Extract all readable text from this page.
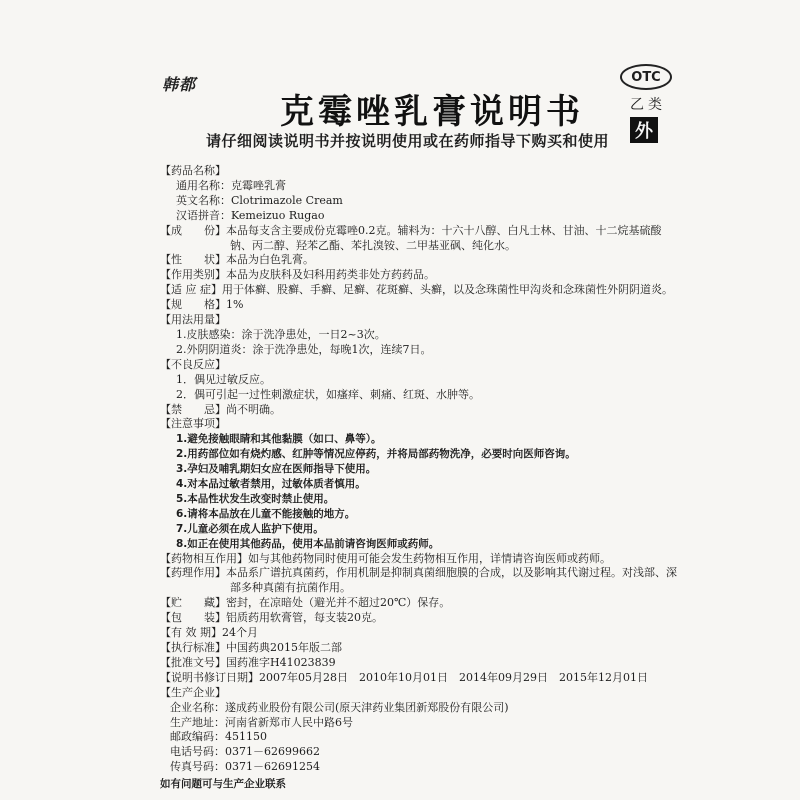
韩都
克霉唑乳膏说明书
OTC
乙类
外
请仔细阅读说明书并按说明使用或在药师指导下购买和使用
【药品名称】
通用名称：克霉唑乳膏
英文名称：Clotrimazole Cream
汉语拼音：Kemeizuo Rugao
【成　　份】本品每支含主要成份克霉唑0.2克。辅料为：十六十八醇、白凡士林、甘油、十二烷基硫酸钠、丙二醇、羟苯乙酯、苯扎溴铵、二甲基亚砜、纯化水。
【性　　状】本品为白色乳膏。
【作用类别】本品为皮肤科及妇科用药类非处方药药品。
【适 应 症】用于体癣、股癣、手癣、足癣、花斑癣、头癣，以及念珠菌性甲沟炎和念珠菌性外阴阴道炎。
【规　　格】1%
【用法用量】
1.皮肤感染：涂于洗净患处，一日2~3次。
2.外阴阴道炎：涂于洗净患处，每晚1次，连续7日。
【不良反应】
1．偶见过敏反应。
2．偶可引起一过性刺激症状，如瘙痒、刺痛、红斑、水肿等。
【禁　　忌】尚不明确。
【注意事项】
1.避免接触眼睛和其他黏膜（如口、鼻等）。
2.用药部位如有烧灼感、红肿等情况应停药，并将局部药物洗净，必要时向医师咨询。
3.孕妇及哺乳期妇女应在医师指导下使用。
4.对本品过敏者禁用，过敏体质者慎用。
5.本品性状发生改变时禁止使用。
6.请将本品放在儿童不能接触的地方。
7.儿童必须在成人监护下使用。
8.如正在使用其他药品，使用本品前请咨询医师或药师。
【药物相互作用】如与其他药物同时使用可能会发生药物相互作用，详情请咨询医师或药师。
【药理作用】本品系广谱抗真菌药，作用机制是抑制真菌细胞膜的合成，以及影响其代谢过程。对浅部、深部多种真菌有抗菌作用。
【贮　　藏】密封，在凉暗处（避光并不超过20℃）保存。
【包　　装】铝质药用软膏管，每支装20克。
【有 效 期】24个月
【执行标准】中国药典2015年版二部
【批准文号】国药准字H41023839
【说明书修订日期】2007年05月28日　2010年10月01日　2014年09月29日　2015年12月01日
【生产企业】
企业名称：遂成药业股份有限公司(原天津药业集团新郑股份有限公司)
生产地址：河南省新郑市人民中路6号
邮政编码：451150
电话号码：0371－62699662
传真号码：0371－62691254
如有问题可与生产企业联系
